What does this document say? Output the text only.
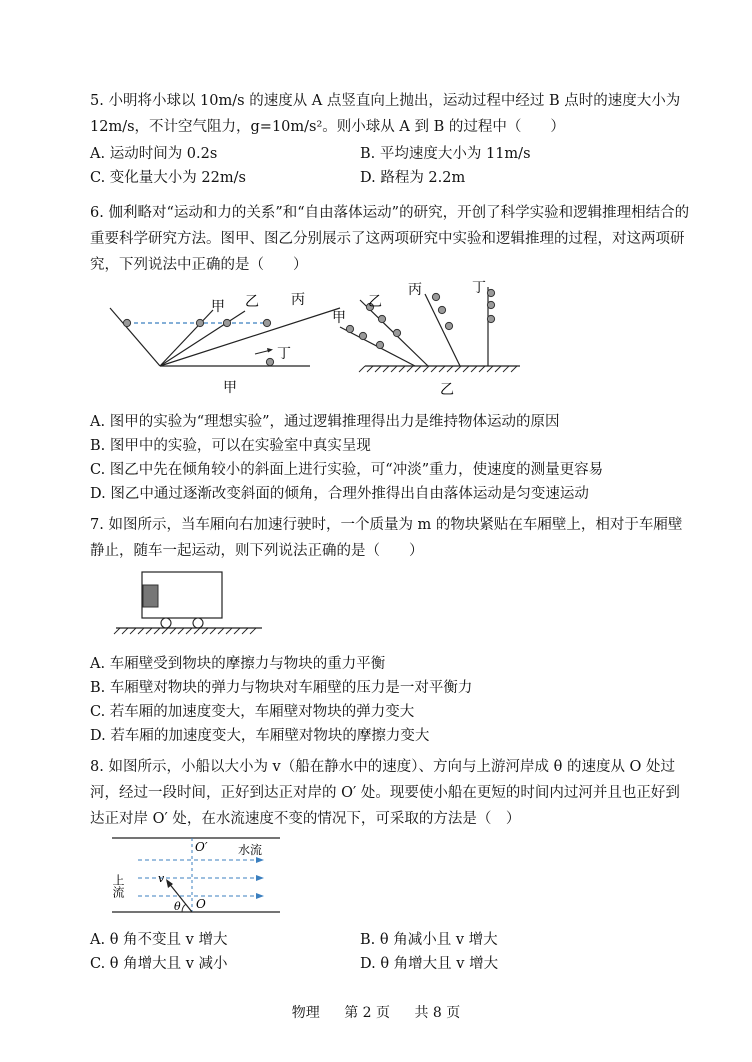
5. 小明将小球以 10m/s 的速度从 A 点竖直向上抛出，运动过程中经过 B 点时的速度大小为 12m/s，不计空气阻力，g=10m/s²。则小球从 A 到 B 的过程中（　　）
A. 运动时间为 0.2s	B. 平均速度大小为 11m/s
C. 变化量大小为 22m/s	D. 路程为 2.2m
6. 伽利略对“运动和力的关系”和“自由落体运动”的研究，开创了科学实验和逻辑推理相结合的重要科学研究方法。图甲、图乙分别展示了这两项研究中实验和逻辑推理的过程，对这两项研究，下列说法中正确的是（　　）
甲 乙 丙
丁
甲
甲
乙
丙	丁
乙
A. 图甲的实验为“理想实验”，通过逻辑推理得出力是维持物体运动的原因
B. 图甲中的实验，可以在实验室中真实呈现
C. 图乙中先在倾角较小的斜面上进行实验，可“冲淡”重力，使速度的测量更容易
D. 图乙中通过逐渐改变斜面的倾角，合理外推得出自由落体运动是匀变速运动
7. 如图所示，当车厢向右加速行驶时，一个质量为 m 的物块紧贴在车厢壁上，相对于车厢壁静止，随车一起运动，则下列说法正确的是（　　）
A. 车厢壁受到物块的摩擦力与物块的重力平衡
B. 车厢壁对物块的弹力与物块对车厢壁的压力是一对平衡力
C. 若车厢的加速度变大，车厢壁对物块的弹力变大
D. 若车厢的加速度变大，车厢壁对物块的摩擦力变大
8. 如图所示，小船以大小为 v（船在静水中的速度）、方向与上游河岸成 θ 的速度从 O 处过河，经过一段时间，正好到达正对岸的 O′ 处。现要使小船在更短的时间内过河并且也正好到达正对岸 O′ 处，在水流速度不变的情况下，可采取的方法是（　）
O′
O
水流
上流	v
θ
A. θ 角不变且 v 增大	B. θ 角减小且 v 增大
C. θ 角增大且 v 减小	D. θ 角增大且 v 增大
物理 第 2 页 共 8 页
